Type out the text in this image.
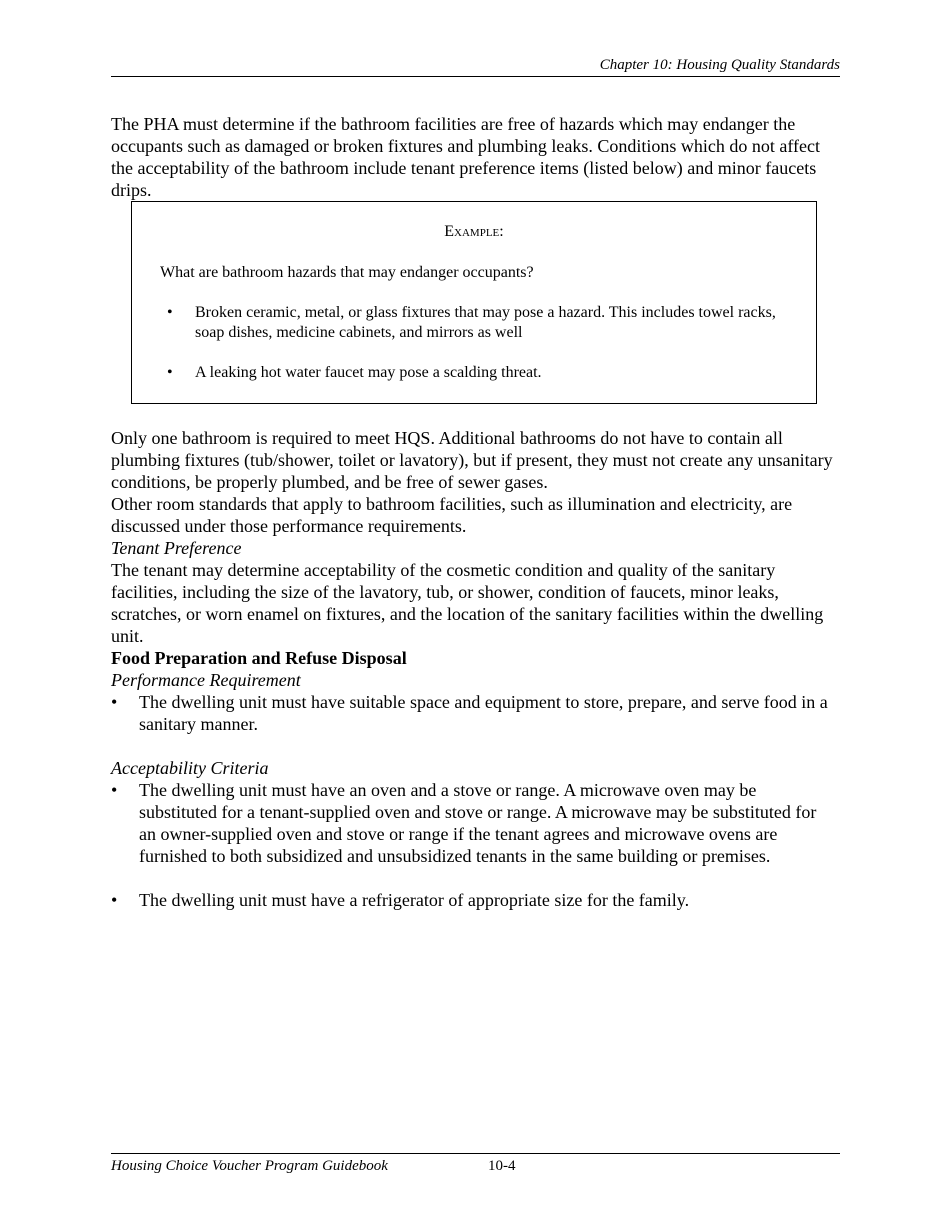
Chapter 10: Housing Quality Standards

The PHA must determine if the bathroom facilities are free of hazards which may endanger the occupants such as damaged or broken fixtures and plumbing leaks. Conditions which do not affect the acceptability of the bathroom include tenant preference items (listed below) and minor faucets drips.

Example:
What are bathroom hazards that may endanger occupants?
• Broken ceramic, metal, or glass fixtures that may pose a hazard. This includes towel racks, soap dishes, medicine cabinets, and mirrors as well
• A leaking hot water faucet may pose a scalding threat.

Only one bathroom is required to meet HQS. Additional bathrooms do not have to contain all plumbing fixtures (tub/shower, toilet or lavatory), but if present, they must not create any unsanitary conditions, be properly plumbed, and be free of sewer gases.

Other room standards that apply to bathroom facilities, such as illumination and electricity, are discussed under those performance requirements.

Tenant Preference

The tenant may determine acceptability of the cosmetic condition and quality of the sanitary facilities, including the size of the lavatory, tub, or shower, condition of faucets, minor leaks, scratches, or worn enamel on fixtures, and the location of the sanitary facilities within the dwelling unit.

Food Preparation and Refuse Disposal

Performance Requirement

• The dwelling unit must have suitable space and equipment to store, prepare, and serve food in a sanitary manner.

Acceptability Criteria

• The dwelling unit must have an oven and a stove or range. A microwave oven may be substituted for a tenant-supplied oven and stove or range. A microwave may be substituted for an owner-supplied oven and stove or range if the tenant agrees and microwave ovens are furnished to both subsidized and unsubsidized tenants in the same building or premises.
• The dwelling unit must have a refrigerator of appropriate size for the family.
Housing Choice Voucher Program Guidebook	10-4
